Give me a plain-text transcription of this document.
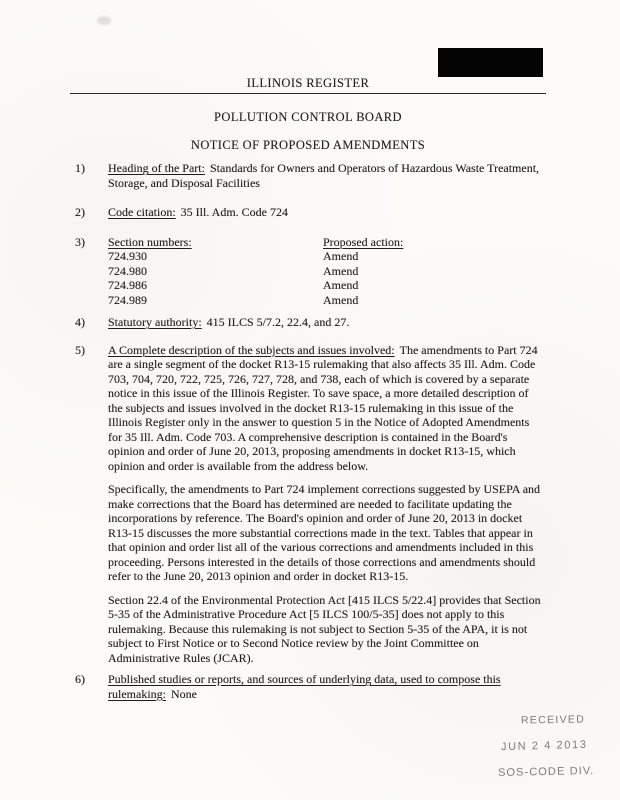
ILLINOIS REGISTER
POLLUTION CONTROL BOARD
NOTICE OF PROPOSED AMENDMENTS
1)	Heading of the Part: Standards for Owners and Operators of Hazardous Waste Treatment, Storage, and Disposal Facilities
2)	Code citation: 35 Ill. Adm. Code 724
3)	Section numbers:	Proposed action:
724.930	Amend
724.980	Amend
724.986	Amend
724.989	Amend
4)	Statutory authority: 415 ILCS 5/7.2, 22.4, and 27.
5)	A Complete description of the subjects and issues involved: The amendments to Part 724 are a single segment of the docket R13-15 rulemaking that also affects 35 Ill. Adm. Code 703, 704, 720, 722, 725, 726, 727, 728, and 738, each of which is covered by a separate notice in this issue of the Illinois Register. To save space, a more detailed description of the subjects and issues involved in the docket R13-15 rulemaking in this issue of the Illinois Register only in the answer to question 5 in the Notice of Adopted Amendments for 35 Ill. Adm. Code 703. A comprehensive description is contained in the Board's opinion and order of June 20, 2013, proposing amendments in docket R13-15, which opinion and order is available from the address below.

Specifically, the amendments to Part 724 implement corrections suggested by USEPA and make corrections that the Board has determined are needed to facilitate updating the incorporations by reference. The Board's opinion and order of June 20, 2013 in docket R13-15 discusses the more substantial corrections made in the text. Tables that appear in that opinion and order list all of the various corrections and amendments included in this proceeding. Persons interested in the details of those corrections and amendments should refer to the June 20, 2013 opinion and order in docket R13-15.

Section 22.4 of the Environmental Protection Act [415 ILCS 5/22.4] provides that Section 5-35 of the Administrative Procedure Act [5 ILCS 100/5-35] does not apply to this rulemaking. Because this rulemaking is not subject to Section 5-35 of the APA, it is not subject to First Notice or to Second Notice review by the Joint Committee on Administrative Rules (JCAR).

6)	Published studies or reports, and sources of underlying data, used to compose this rulemaking: None
RECEIVED
JUN 2 4 2013
SOS-CODE DIV.
